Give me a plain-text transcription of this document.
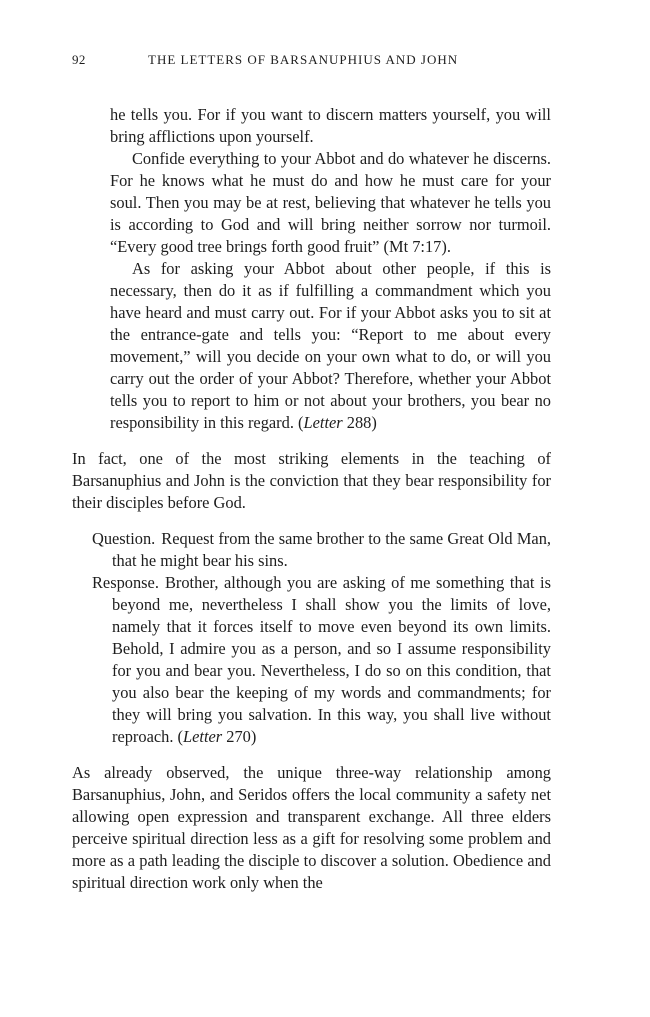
92	THE LETTERS OF BARSANUPHIUS AND JOHN

he tells you. For if you want to discern matters yourself, you will bring afflictions upon yourself.

Confide everything to your Abbot and do whatever he discerns. For he knows what he must do and how he must care for your soul. Then you may be at rest, believing that whatever he tells you is according to God and will bring neither sorrow nor turmoil. “Every good tree brings forth good fruit” (Mt 7:17).

As for asking your Abbot about other people, if this is necessary, then do it as if fulfilling a commandment which you have heard and must carry out. For if your Abbot asks you to sit at the entrance-gate and tells you: “Report to me about every movement,” will you decide on your own what to do, or will you carry out the order of your Abbot? Therefore, whether your Abbot tells you to report to him or not about your brothers, you bear no responsibility in this regard. (Letter 288)

In fact, one of the most striking elements in the teaching of Barsanuphius and John is the conviction that they bear responsibility for their disciples before God.

Question. Request from the same brother to the same Great Old Man, that he might bear his sins.

Response. Brother, although you are asking of me something that is beyond me, nevertheless I shall show you the limits of love, namely that it forces itself to move even beyond its own limits. Behold, I admire you as a person, and so I assume responsibility for you and bear you. Nevertheless, I do so on this condition, that you also bear the keeping of my words and commandments; for they will bring you salvation. In this way, you shall live without reproach. (Letter 270)

As already observed, the unique three-way relationship among Barsanuphius, John, and Seridos offers the local community a safety net allowing open expression and transparent exchange. All three elders perceive spiritual direction less as a gift for resolving some problem and more as a path leading the disciple to discover a solution. Obedience and spiritual direction work only when the
